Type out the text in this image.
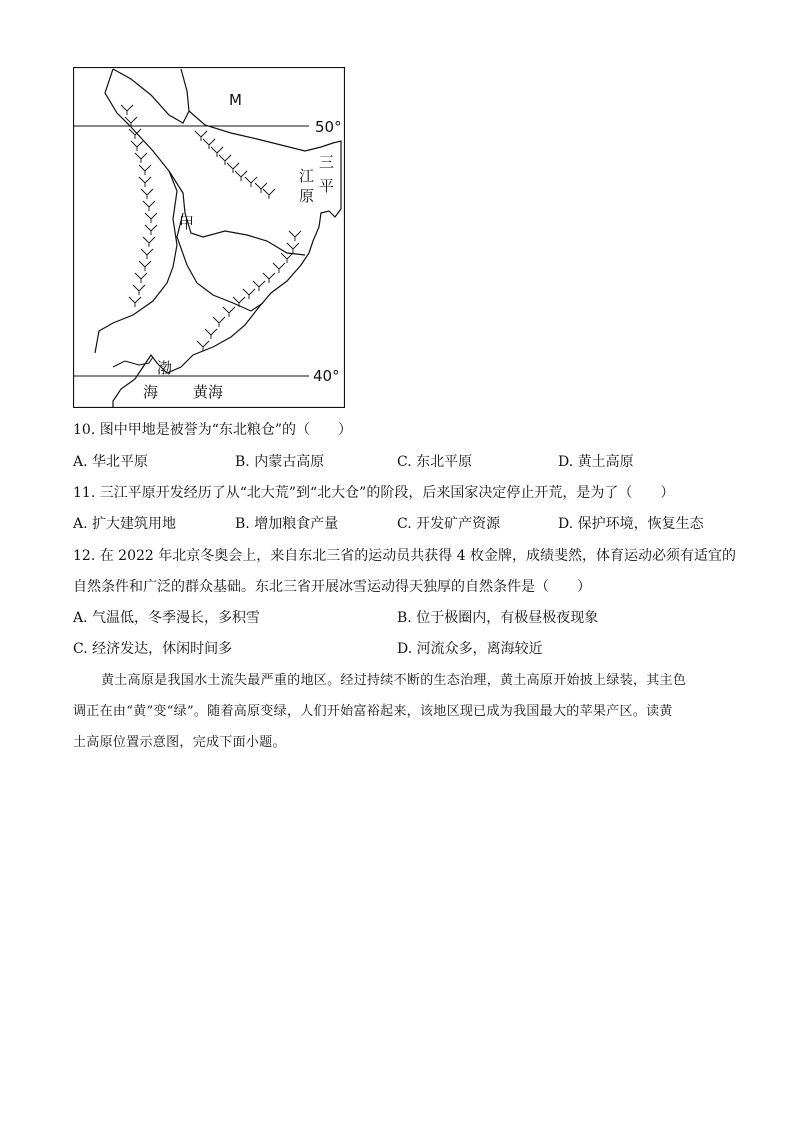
M
50°
40°
三
江
平
原
甲
渤
海 黄海
10. 图中甲地是被誉为“东北粮仓”的（　　）
A. 华北平原	B. 内蒙古高原	C. 东北平原	D. 黄土高原
11. 三江平原开发经历了从“北大荒”到“北大仓”的阶段，后来国家决定停止开荒，是为了（　　）
A. 扩大建筑用地	B. 增加粮食产量	C. 开发矿产资源	D. 保护环境，恢复生态
12. 在 2022 年北京冬奥会上，来自东北三省的运动员共获得 4 枚金牌，成绩斐然，体育运动必须有适宜的
自然条件和广泛的群众基础。东北三省开展冰雪运动得天独厚的自然条件是（　　）
A. 气温低，冬季漫长，多积雪	B. 位于极圈内，有极昼极夜现象
C. 经济发达，休闲时间多	D. 河流众多，离海较近
黄土高原是我国水土流失最严重的地区。经过持续不断的生态治理，黄土高原开始披上绿装，其主色
调正在由“黄”变“绿”。随着高原变绿，人们开始富裕起来，该地区现已成为我国最大的苹果产区。读黄
土高原位置示意图，完成下面小题。
